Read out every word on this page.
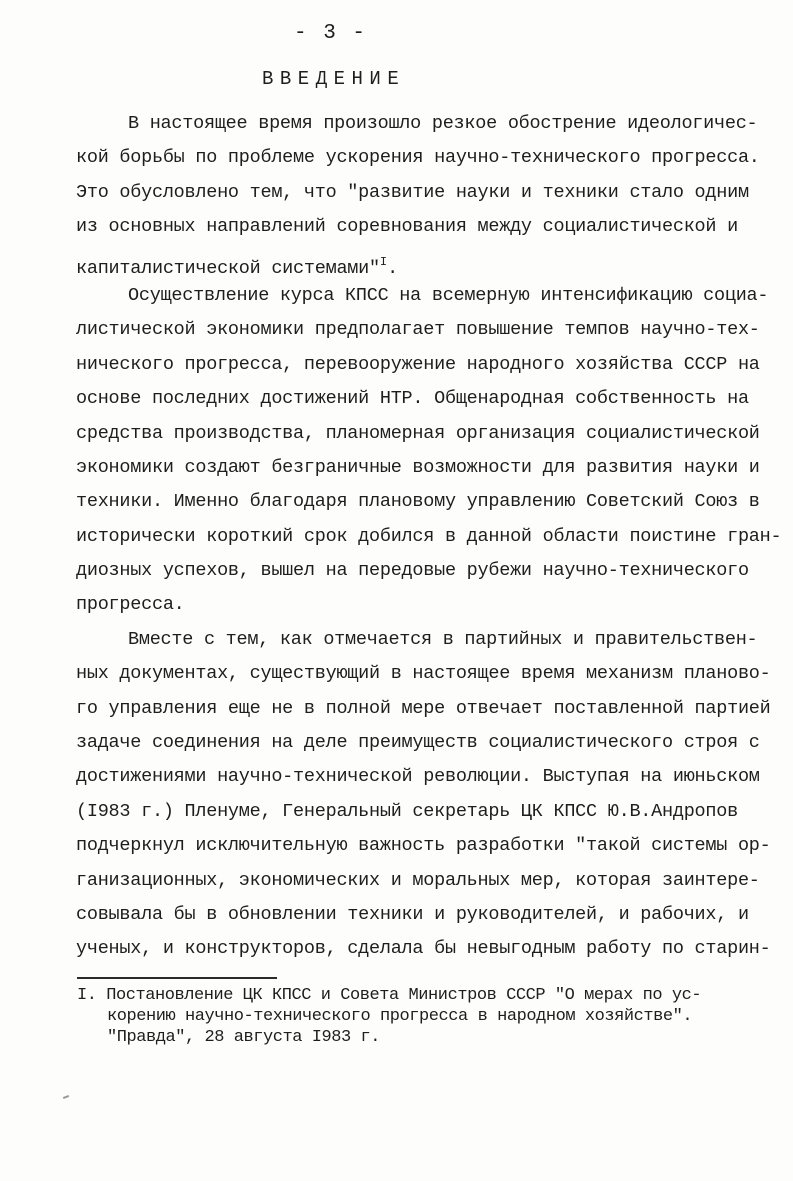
- 3 -
ВВЕДЕНИЕ
В настоящее время произошло резкое обострение идеологичес-
кой борьбы по проблеме ускорения научно-технического прогресса.
Это обусловлено тем, что "развитие науки и техники стало одним
из основных направлений соревнования между социалистической и
капиталистической системами"$^I$.
Осуществление курса КПСС на всемерную интенсификацию социа-
листической экономики предполагает повышение темпов научно-тех-
нического прогресса, перевооружение народного хозяйства СССР на
основе последних достижений НТР. Общенародная собственность на
средства производства, планомерная организация социалистической
экономики создают безграничные возможности для развития науки и
техники. Именно благодаря плановому управлению Советский Союз в
исторически короткий срок добился в данной области поистине гран-
диозных успехов, вышел на передовые рубежи научно-технического
прогресса.
Вместе с тем, как отмечается в партийных и правительствен-
ных документах, существующий в настоящее время механизм планово-
го управления еще не в полной мере отвечает поставленной партией
задаче соединения на деле преимуществ социалистического строя с
достижениями научно-технической революции. Выступая на июньском
(I983 г.) Пленуме, Генеральный секретарь ЦК КПСС Ю.В.Андропов
подчеркнул исключительную важность разработки "такой системы ор-
ганизационных, экономических и моральных мер, которая заинтере-
совывала бы в обновлении техники и руководителей, и рабочих, и
ученых, и конструкторов, сделала бы невыгодным работу по старин-
I. Постановление ЦК КПСС и Совета Министров СССР "О мерах по ус-
корению научно-технического прогресса в народном хозяйстве".
"Правда", 28 августа I983 г.
